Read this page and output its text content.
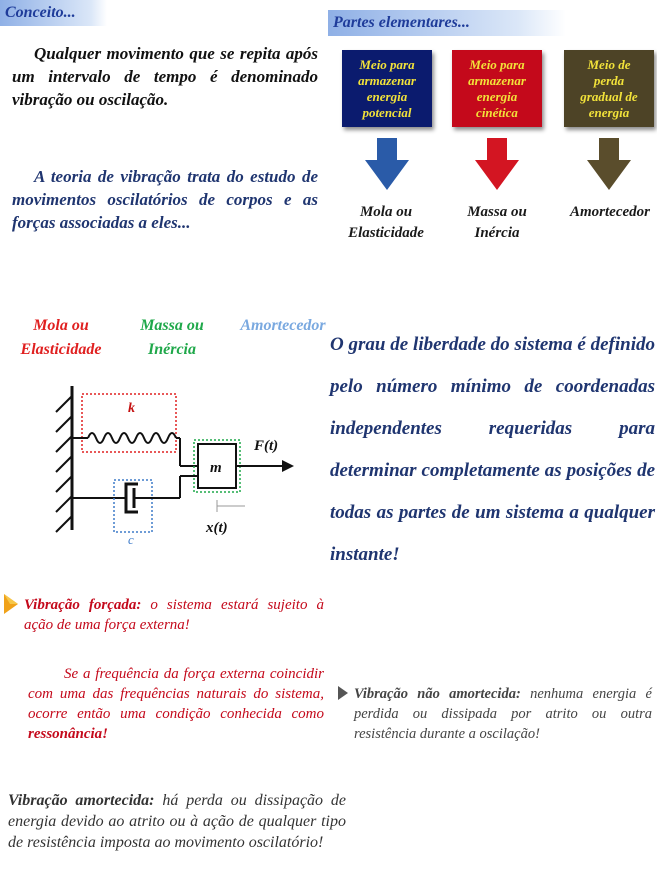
Conceito...
Partes elementares...
Qualquer movimento que se repita após um intervalo de tempo é denominado vibração ou oscilação.
A teoria de vibração trata do estudo de movimentos oscilatórios de corpos e as forças associadas a eles...
Meio para
armazenar
energia
potencial
Meio para
armazenar
energia
cinética
Meio de
perda
gradual de
energia
Mola ou
Elasticidade
Massa ou
Inércia
Amortecedor
Mola ou
Elasticidade
Massa ou
Inércia
Amortecedor
k
m
c
F(t)
x(t)
O grau de liberdade do sistema é definido pelo número mínimo de coordenadas independentes requeridas para determinar completamente as posições de todas as partes de um sistema a qualquer instante!
Vibração forçada: o sistema estará sujeito à ação de uma força externa!
Se a frequência da força externa coincidir com uma das frequências naturais do sistema, ocorre então uma condição conhecida como ressonância!
Vibração não amortecida: nenhuma energia é perdida ou dissipada por atrito ou outra resistência durante a oscilação!
Vibração amortecida: há perda ou dissipação de energia devido ao atrito ou à ação de qualquer tipo de resistência imposta ao movimento oscilatório!
